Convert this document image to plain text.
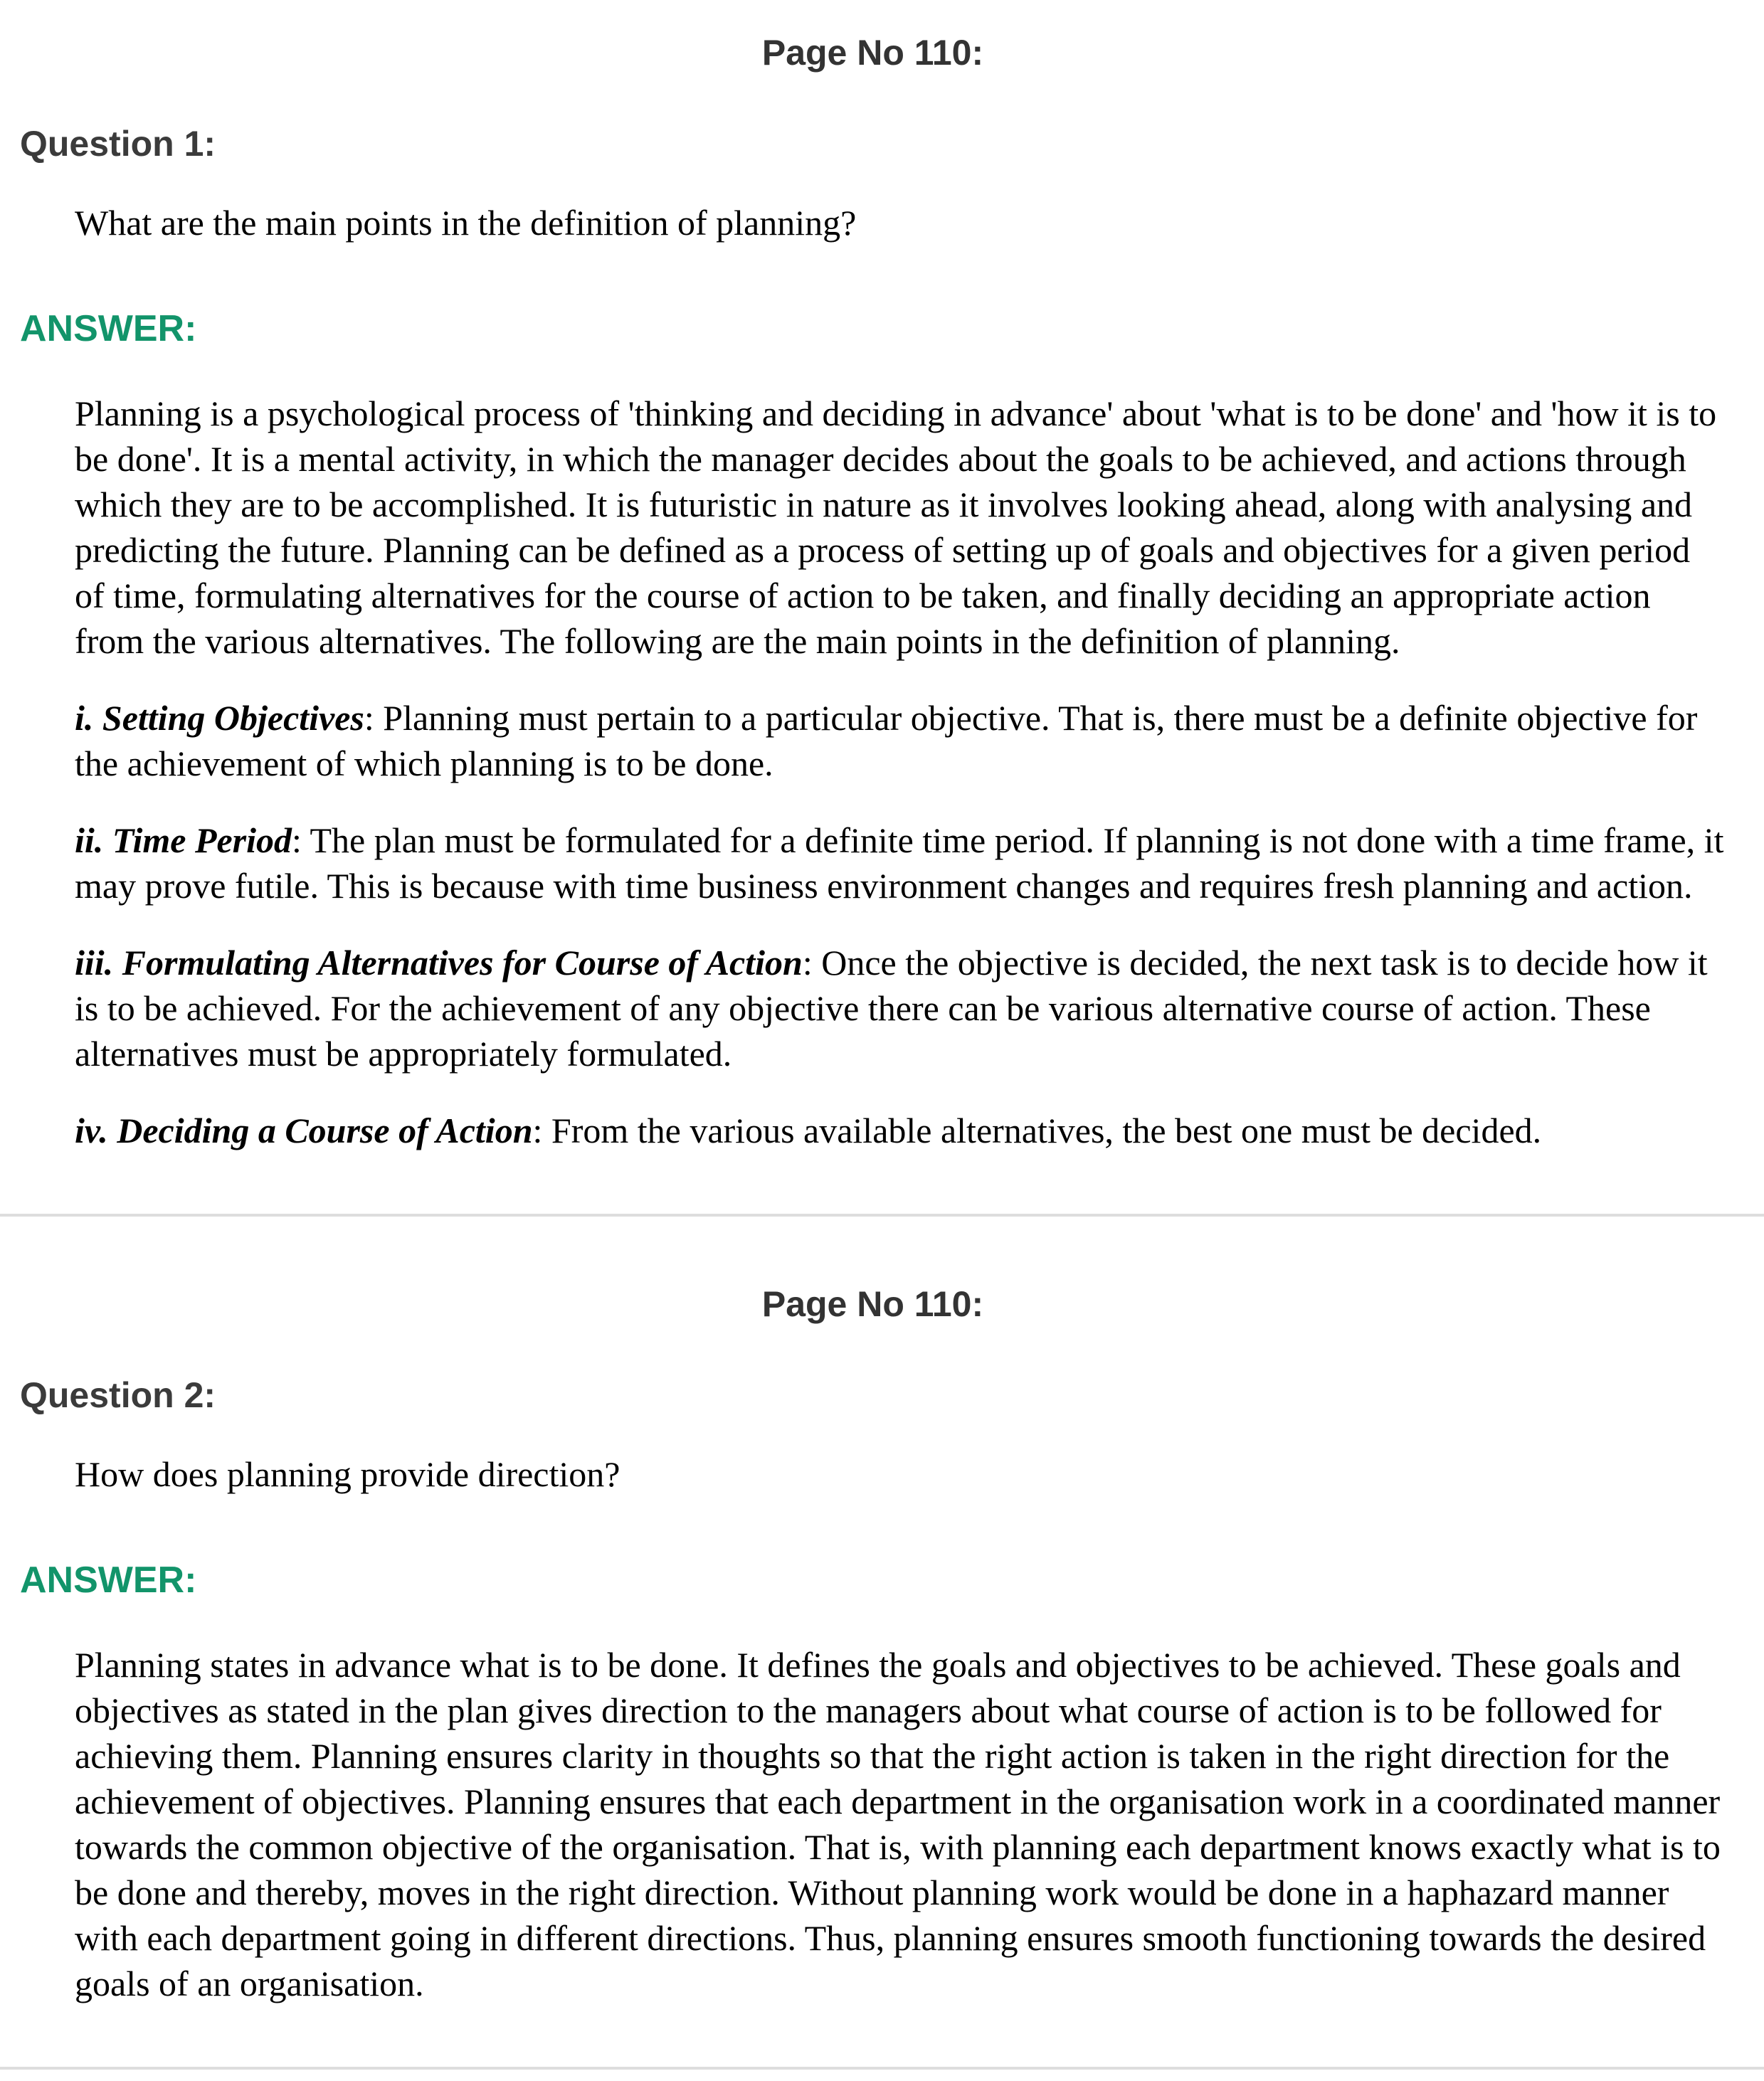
Page No 110:
Question 1:

What are the main points in the definition of planning?

ANSWER:

Planning is a psychological process of 'thinking and deciding in advance' about 'what is to be done' and 'how it is to be done'. It is a mental activity, in which the manager decides about the goals to be achieved, and actions through which they are to be accomplished. It is futuristic in nature as it involves looking ahead, along with analysing and predicting the future. Planning can be defined as a process of setting up of goals and objectives for a given period of time, formulating alternatives for the course of action to be taken, and finally deciding an appropriate action from the various alternatives. The following are the main points in the definition of planning.

i. Setting Objectives: Planning must pertain to a particular objective. That is, there must be a definite objective for the achievement of which planning is to be done.

ii. Time Period: The plan must be formulated for a definite time period. If planning is not done with a time frame, it may prove futile. This is because with time business environment changes and requires fresh planning and action.

iii. Formulating Alternatives for Course of Action: Once the objective is decided, the next task is to decide how it is to be achieved. For the achievement of any objective there can be various alternative course of action. These alternatives must be appropriately formulated.

iv. Deciding a Course of Action: From the various available alternatives, the best one must be decided.

Page No 110:
Question 2:

How does planning provide direction?

ANSWER:

Planning states in advance what is to be done. It defines the goals and objectives to be achieved. These goals and objectives as stated in the plan gives direction to the managers about what course of action is to be followed for achieving them. Planning ensures clarity in thoughts so that the right action is taken in the right direction for the achievement of objectives. Planning ensures that each department in the organisation work in a coordinated manner towards the common objective of the organisation. That is, with planning each department knows exactly what is to be done and thereby, moves in the right direction. Without planning work would be done in a haphazard manner with each department going in different directions. Thus, planning ensures smooth functioning towards the desired goals of an organisation.
